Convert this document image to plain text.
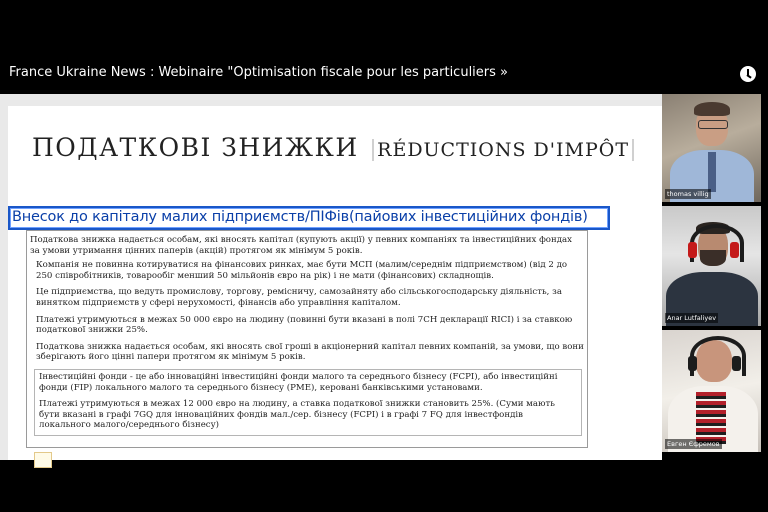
France Ukraine News : Webinaire "Optimisation fiscale pour les particuliers »
ПОДАТКОВІ ЗНИЖКИ RÉDUCTIONS D'IMPÔT
Внесок до капіталу малих підприємств/ПІФів(пайових інвестиційних фондів)

Податкова знижка надається особам, які вносять капітал (купують акції) у певних компаніях та інвестиційних фондах за умови утримання цінних паперів (акцій) протягом як мінімум 5 років.

Компанія не повинна котируватися на фінансових ринках, має бути МСП (малим/середнім підприємством) (від 2 до 250 співробітників, товарообіг менший 50 мільйонів євро на рік) і не мати (фінансових) складнощів.

Це підприємства, що ведуть промислову, торгову, ремісничу, самозайняту або сільськогосподарську діяльність, за винятком підприємств у сфері нерухомості, фінансів або управління капіталом.

Платежі утримуються в межах 50 000 євро на людину (повинні бути вказані в полі 7CH декларації RICI) і за ставкою податкової знижки 25%.

Податкова знижка надається особам, які вносять свої гроші в акціонерний капітал певних компаній, за умови, що вони зберігають його цінні папери протягом як мінімум 5 років.

Інвестиційні фонди - це або інноваційні інвестиційні фонди малого та середнього бізнесу (FCPI), або інвестиційні фонди (FIP) локального малого та середнього бізнесу (PME), керовані банківськими установами.

Платежі утримуються в межах 12 000 євро на людину, а ставка податкової знижки становить 25%. (Суми мають бути вказані в графі 7GQ для інноваційних фондів мал./сер. бізнесу (FCPI) і в графі 7 FQ для інвестфондів локального малого/середнього бізнесу)

thomas villig
Anar Lutfaliyev
Евген Єфремов
